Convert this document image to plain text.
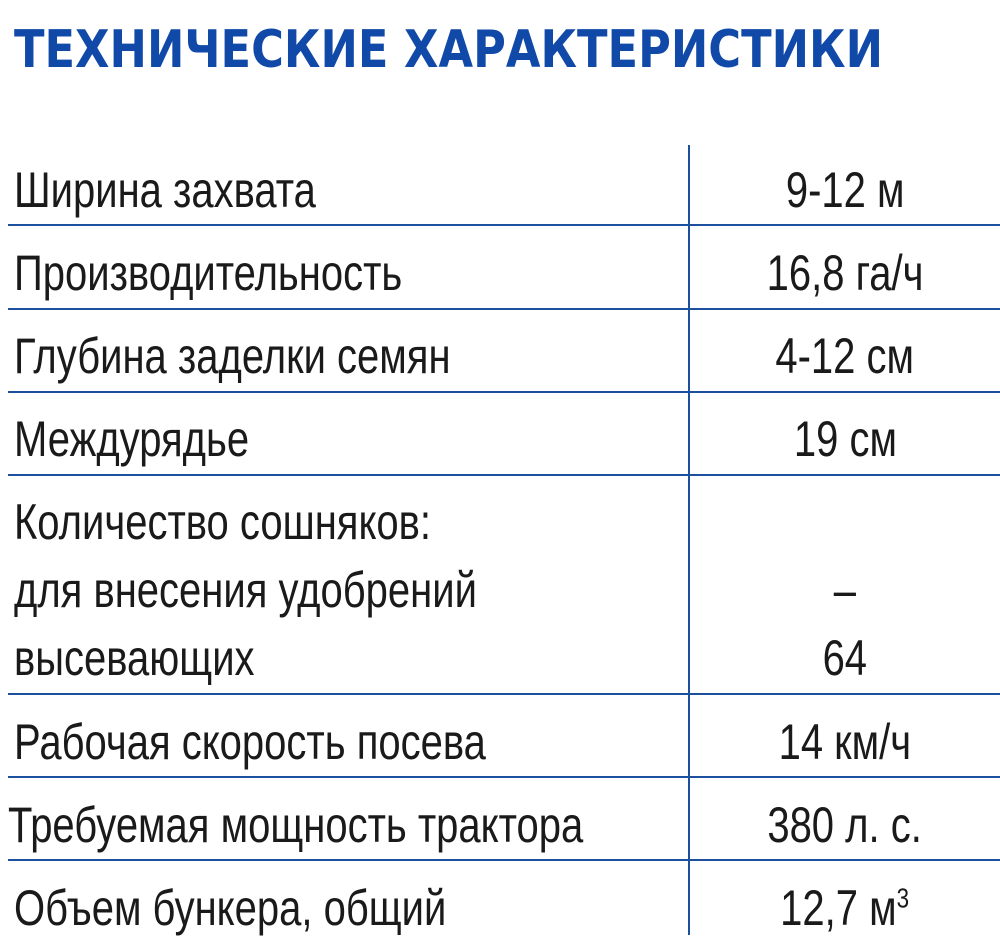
ТЕХНИЧЕСКИЕ ХАРАКТЕРИСТИКИ
Ширина захвата	9-12 м
Производительность	16,8 га/ч
Глубина заделки семян	4-12 см
Междурядье	19 см
Количество сошняков:
для внесения удобрений	–
высевающих	64
Рабочая скорость посева	14 км/ч
Требуемая мощность трактора	380 л. с.
Объем бункера, общий	12,7 $м^3$
